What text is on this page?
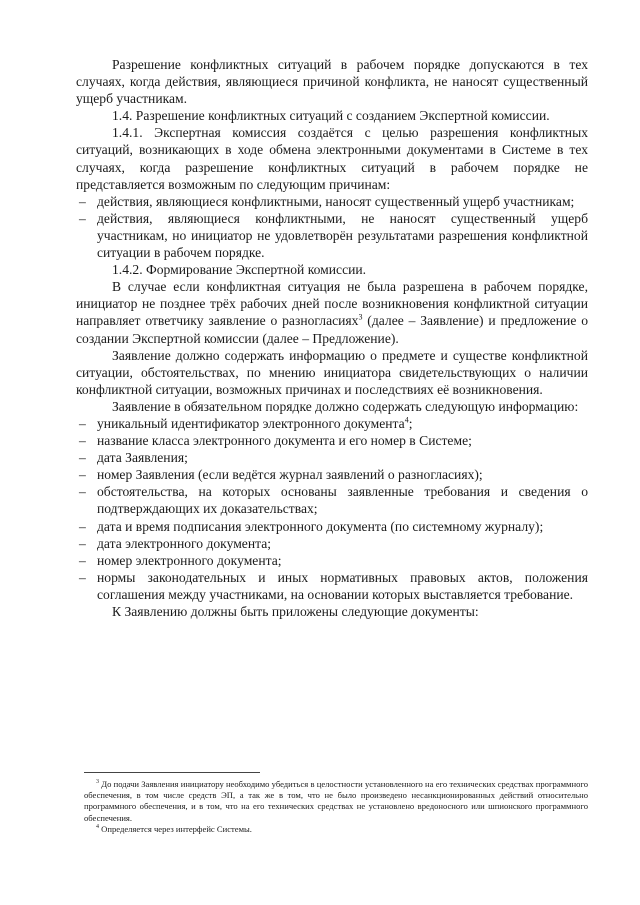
Разрешение конфликтных ситуаций в рабочем порядке допускаются в тех случаях, когда действия, являющиеся причиной конфликта, не наносят существенный ущерб участникам.

1.4. Разрешение конфликтных ситуаций с созданием Экспертной комиссии.

1.4.1. Экспертная комиссия создаётся с целью разрешения конфликтных ситуаций, возникающих в ходе обмена электронными документами в Системе в тех случаях, когда разрешение конфликтных ситуаций в рабочем порядке не представляется возможным по следующим причинам:

– действия, являющиеся конфликтными, наносят существенный ущерб участникам;
– действия, являющиеся конфликтными, не наносят существенный ущерб участникам, но инициатор не удовлетворён результатами разрешения конфликтной ситуации в рабочем порядке.

1.4.2. Формирование Экспертной комиссии.

В случае если конфликтная ситуация не была разрешена в рабочем порядке, инициатор не позднее трёх рабочих дней после возникновения конфликтной ситуации направляет ответчику заявление о разногласиях$^3$ (далее – Заявление) и предложение о создании Экспертной комиссии (далее – Предложение).

Заявление должно содержать информацию о предмете и существе конфликтной ситуации, обстоятельствах, по мнению инициатора свидетельствующих о наличии конфликтной ситуации, возможных причинах и последствиях её возникновения.

Заявление в обязательном порядке должно содержать следующую информацию:

– уникальный идентификатор электронного документа$^4$;
– название класса электронного документа и его номер в Системе;
– дата Заявления;
– номер Заявления (если ведётся журнал заявлений о разногласиях);
– обстоятельства, на которых основаны заявленные требования и сведения о подтверждающих их доказательствах;
– дата и время подписания электронного документа (по системному журналу);
– дата электронного документа;
– номер электронного документа;
– нормы законодательных и иных нормативных правовых актов, положения соглашения между участниками, на основании которых выставляется требование.

К Заявлению должны быть приложены следующие документы:

$^3$ До подачи Заявления инициатору необходимо убедиться в целостности установленного на его технических средствах программного обеспечения, в том числе средств ЭП, а так же в том, что не было произведено несанкционированных действий относительно программного обеспечения, и в том, что на его технических средствах не установлено вредоносного или шпионского программного обеспечения.

$^4$ Определяется через интерфейс Системы.
